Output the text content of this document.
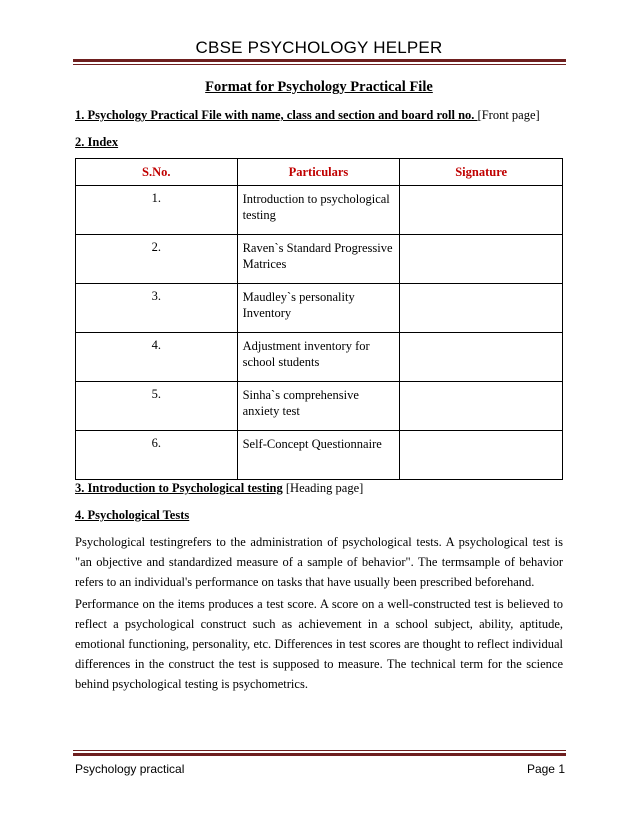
CBSE PSYCHOLOGY HELPER
Format for Psychology Practical File
1. Psychology Practical File with name, class and section and board roll no. [Front page]
2. Index
S.No.	Particulars	Signature
1.	Introduction to psychological
testing	
2.	Raven`s Standard Progressive
Matrices	
3.	Maudley`s personality
Inventory	
4.	Adjustment inventory for
school students	
5.	Sinha`s comprehensive
anxiety test	
6.	Self-Concept Questionnaire

3. Introduction to Psychological testing [Heading page]
4. Psychological Tests
Psychological testingrefers to the administration of psychological tests. A psychological test is "an objective and standardized measure of a sample of behavior". The termsample of behavior refers to an individual's performance on tasks that have usually been prescribed beforehand.
Performance on the items produces a test score. A score on a well-constructed test is believed to reflect a psychological construct such as achievement in a school subject, ability, aptitude, emotional functioning, personality, etc. Differences in test scores are thought to reflect individual differences in the construct the test is supposed to measure. The technical term for the science behind psychological testing is psychometrics.
Psychology practical	Page 1
